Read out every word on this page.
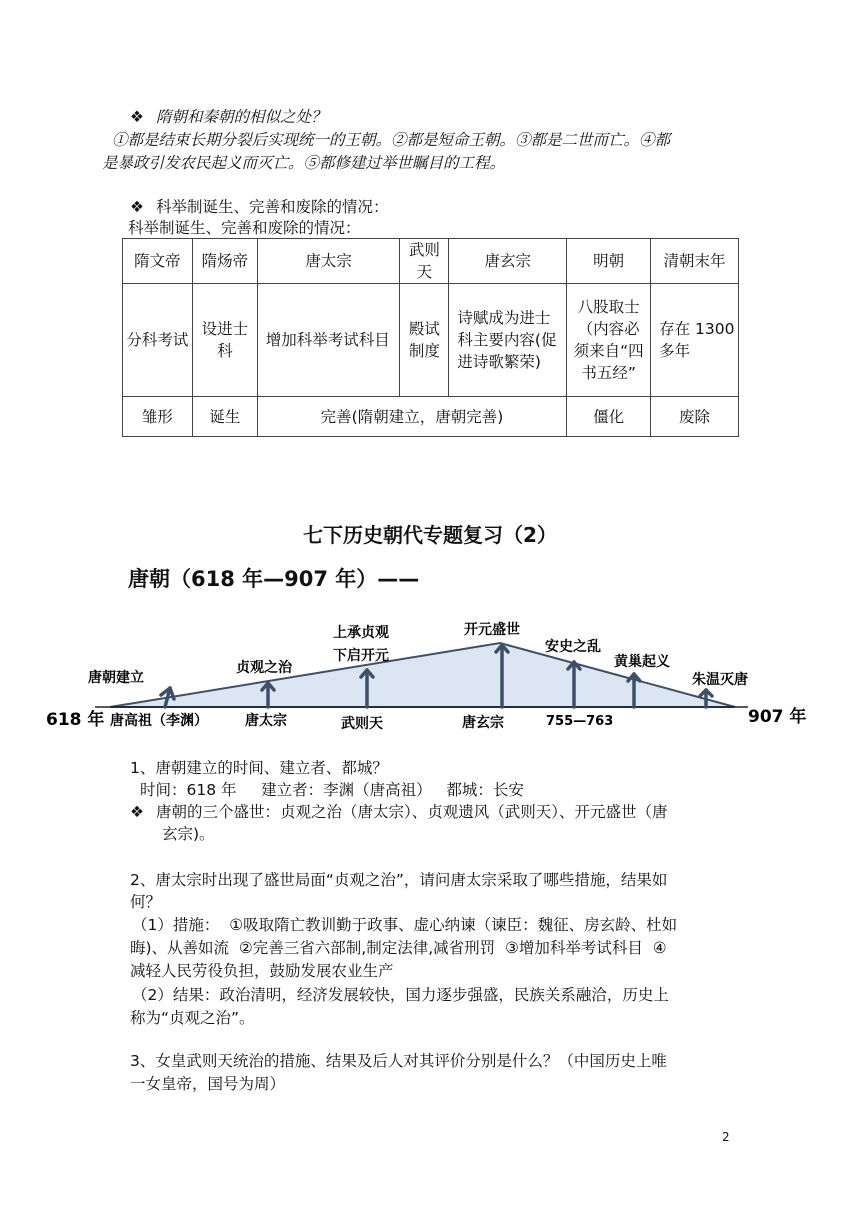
❖ 隋朝和秦朝的相似之处？
①都是结束长期分裂后实现统一的王朝。②都是短命王朝。③都是二世而亡。④都
是暴政引发农民起义而灭亡。⑤都修建过举世瞩目的工程。
❖ 科举制诞生、完善和废除的情况：
科举制诞生、完善和废除的情况：
隋文帝	隋炀帝	唐太宗	武则天	唐玄宗	明朝	清朝末年
分科考试	设进士科	增加科举考试科目	殿试制度	诗赋成为进士科主要内容(促进诗歌繁荣)	八股取士（内容必须来自“四书五经”	存在 1300 多年
雏形	诞生	完善(隋朝建立，唐朝完善)			僵化	废除
七下历史朝代专题复习（2）
唐朝（618 年—907 年）——
唐朝建立
贞观之治
上承贞观
下启开元
开元盛世
安史之乱
黄巢起义
朱温灭唐
618 年	907 年
唐高祖（李渊）	唐太宗	武则天	唐玄宗	755—763
1、唐朝建立的时间、建立者、都城？
时间：618 年     建立者：李渊（唐高祖）   都城：长安
❖ 唐朝的三个盛世：贞观之治（唐太宗）、贞观遗风（武则天）、开元盛世（唐
玄宗)。
2、唐太宗时出现了盛世局面“贞观之治”，请问唐太宗采取了哪些措施，结果如
何？
（1）措施：  ①吸取隋亡教训勤于政事、虚心纳谏（谏臣：魏征、房玄龄、杜如
晦)、从善如流  ②完善三省六部制,制定法律,减省刑罚  ③增加科举考试科目  ④
减轻人民劳役负担，鼓励发展农业生产
（2）结果：政治清明，经济发展较快，国力逐步强盛，民族关系融洽，历史上
称为“贞观之治”。
3、女皇武则天统治的措施、结果及后人对其评价分别是什么？（中国历史上唯
一女皇帝，国号为周）
2
